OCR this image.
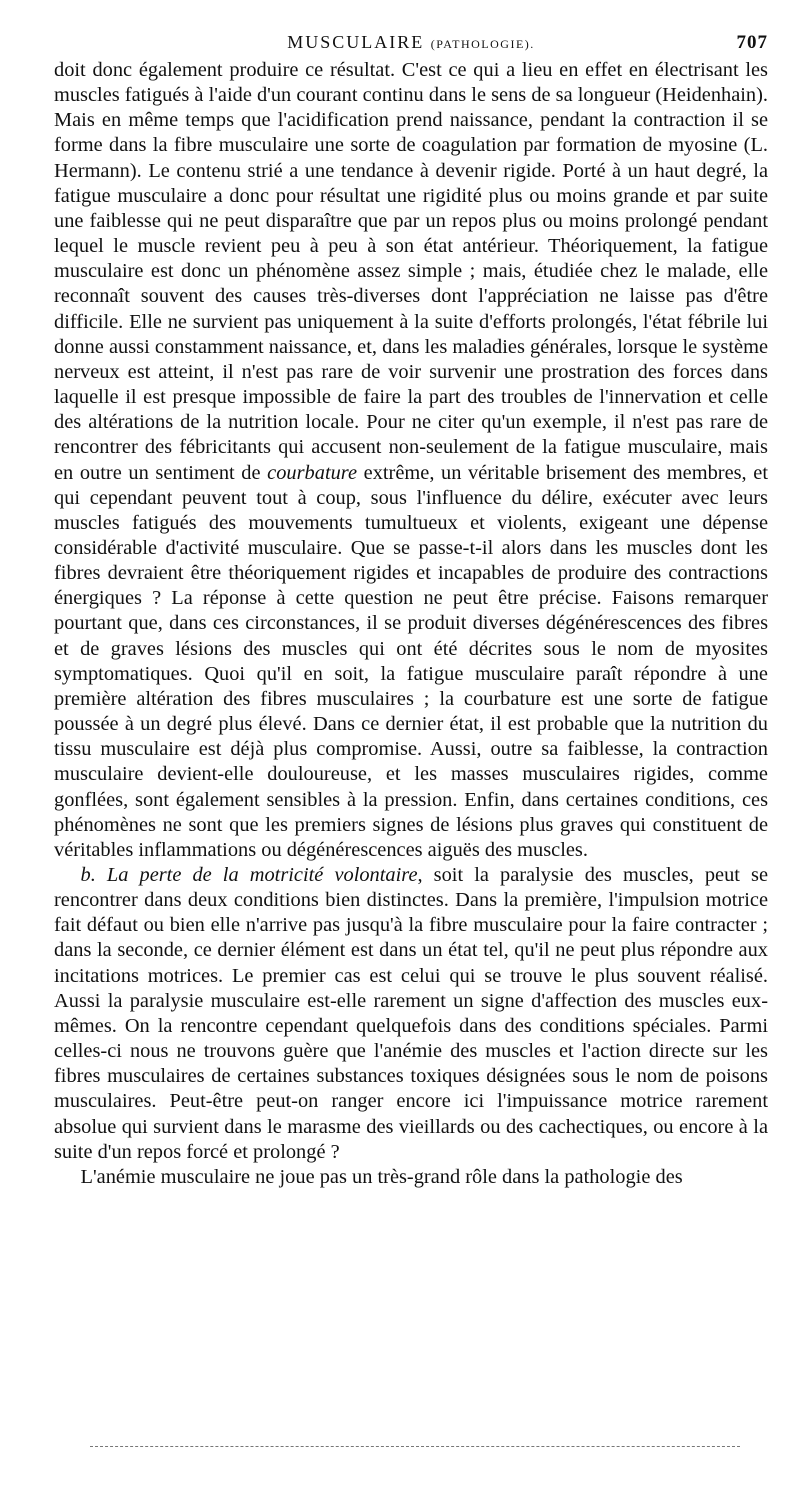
MUSCULAIRE (PATHOLOGIE).	707

doit donc également produire ce résultat. C'est ce qui a lieu en effet en électrisant les muscles fatigués à l'aide d'un courant continu dans le sens de sa longueur (Heidenhain). Mais en même temps que l'acidification prend naissance, pendant la contraction il se forme dans la fibre musculaire une sorte de coagulation par formation de myosine (L. Hermann). Le contenu strié a une tendance à devenir rigide. Porté à un haut degré, la fatigue musculaire a donc pour résultat une rigidité plus ou moins grande et par suite une faiblesse qui ne peut disparaître que par un repos plus ou moins prolongé pendant lequel le muscle revient peu à peu à son état antérieur. Théoriquement, la fatigue musculaire est donc un phénomène assez simple ; mais, étudiée chez le malade, elle reconnaît souvent des causes très-diverses dont l'appréciation ne laisse pas d'être difficile. Elle ne survient pas uniquement à la suite d'efforts prolongés, l'état fébrile lui donne aussi constamment naissance, et, dans les maladies générales, lorsque le système nerveux est atteint, il n'est pas rare de voir survenir une prostration des forces dans laquelle il est presque impossible de faire la part des troubles de l'innervation et celle des altérations de la nutrition locale. Pour ne citer qu'un exemple, il n'est pas rare de rencontrer des fébricitants qui accusent non-seulement de la fatigue musculaire, mais en outre un sentiment de courbature extrême, un véritable brisement des membres, et qui cependant peuvent tout à coup, sous l'influence du délire, exécuter avec leurs muscles fatigués des mouvements tumultueux et violents, exigeant une dépense considérable d'activité musculaire. Que se passe-t-il alors dans les muscles dont les fibres devraient être théoriquement rigides et incapables de produire des contractions énergiques ? La réponse à cette question ne peut être précise. Faisons remarquer pourtant que, dans ces circonstances, il se produit diverses dégénérescences des fibres et de graves lésions des muscles qui ont été décrites sous le nom de myosites symptomatiques. Quoi qu'il en soit, la fatigue musculaire paraît répondre à une première altération des fibres musculaires ; la courbature est une sorte de fatigue poussée à un degré plus élevé. Dans ce dernier état, il est probable que la nutrition du tissu musculaire est déjà plus compromise. Aussi, outre sa faiblesse, la contraction musculaire devient-elle douloureuse, et les masses musculaires rigides, comme gonflées, sont également sensibles à la pression. Enfin, dans certaines conditions, ces phénomènes ne sont que les premiers signes de lésions plus graves qui constituent de véritables inflammations ou dégénérescences aiguës des muscles.

b. La perte de la motricité volontaire, soit la paralysie des muscles, peut se rencontrer dans deux conditions bien distinctes. Dans la première, l'impulsion motrice fait défaut ou bien elle n'arrive pas jusqu'à la fibre musculaire pour la faire contracter ; dans la seconde, ce dernier élément est dans un état tel, qu'il ne peut plus répondre aux incitations motrices. Le premier cas est celui qui se trouve le plus souvent réalisé. Aussi la paralysie musculaire est-elle rarement un signe d'affection des muscles eux-mêmes. On la rencontre cependant quelquefois dans des conditions spéciales. Parmi celles-ci nous ne trouvons guère que l'anémie des muscles et l'action directe sur les fibres musculaires de certaines substances toxiques désignées sous le nom de poisons musculaires. Peut-être peut-on ranger encore ici l'impuissance motrice rarement absolue qui survient dans le marasme des vieillards ou des cachectiques, ou encore à la suite d'un repos forcé et prolongé ?

L'anémie musculaire ne joue pas un très-grand rôle dans la pathologie des
